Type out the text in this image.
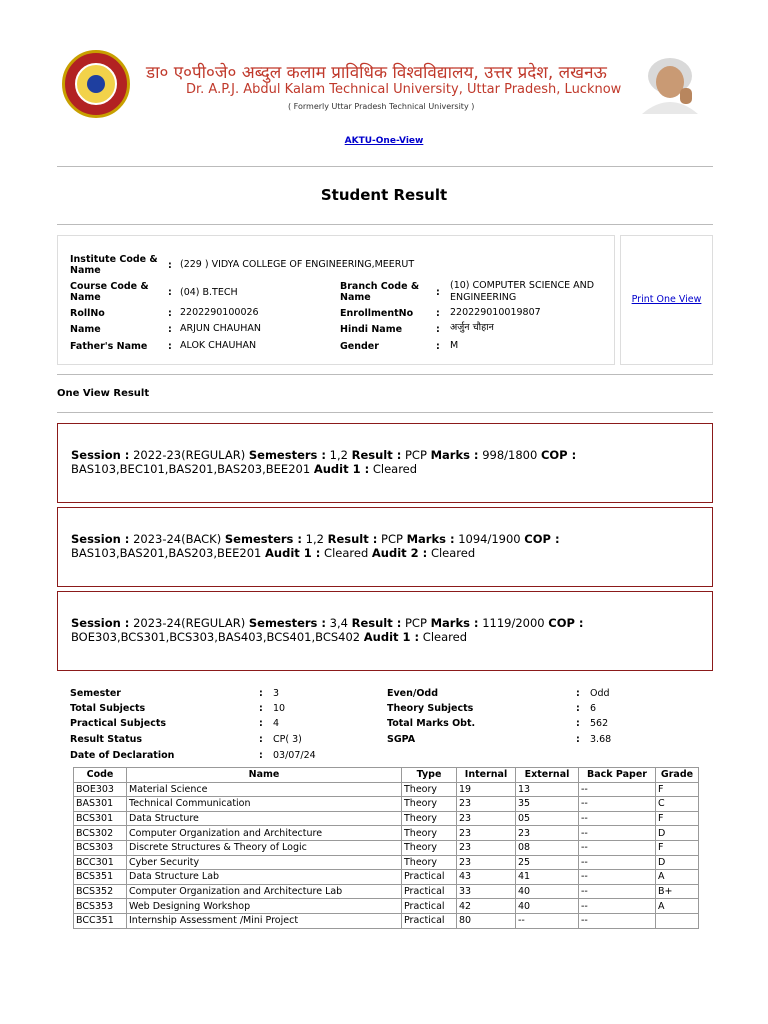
डा० ए०पी०जे० अब्दुल कलाम प्राविधिक विश्वविद्यालय, उत्तर प्रदेश, लखनऊ
Dr. A.P.J. Abdul Kalam Technical University, Uttar Pradesh, Lucknow
( Formerly Uttar Pradesh Technical University )
AKTU-One-View
Student Result
Institute Code & Name	: (229 ) VIDYA COLLEGE OF ENGINEERING,MEERUT
Course Code & Name	: (04) B.TECH
Branch Code & Name	:
(10) COMPUTER SCIENCE AND ENGINEERING
RollNo	: 2202290100026	EnrollmentNo : 220229010019807
Name	: ARJUN CHAUHAN	Hindi Name	: अर्जुन चौहान
Father's Name : ALOK CHAUHAN	Gender	: M
Print One View
One View Result
Session : 2022-23(REGULAR) Semesters : 1,2 Result : PCP Marks : 998/1800 COP : BAS103,BEC101,BAS201,BAS203,BEE201 Audit 1 : Cleared
Session : 2023-24(BACK) Semesters : 1,2 Result : PCP Marks : 1094/1900 COP : BAS103,BAS201,BAS203,BEE201 Audit 1 : Cleared Audit 2 : Cleared
Session : 2023-24(REGULAR) Semesters : 3,4 Result : PCP Marks : 1119/2000 COP : BOE303,BCS301,BCS303,BAS403,BCS401,BCS402 Audit 1 : Cleared
Semester	: 3	Even/Odd	: Odd
Total Subjects	: 10	Theory Subjects	: 6
Practical Subjects	: 4	Total Marks Obt.	: 562
Result Status	: CP( 3)	SGPA	: 3.68
Date of Declaration	: 03/07/24
Code	Name	Type	Internal	External	Back Paper	Grade
BOE303	Material Science	Theory	19	13	--	F
BAS301	Technical Communication	Theory	23	35	--	C
BCS301	Data Structure	Theory	23	05	--	F
BCS302	Computer Organization and Architecture	Theory	23	23	--	D
BCS303	Discrete Structures & Theory of Logic	Theory	23	08	--	F
BCC301	Cyber Security	Theory	23	25	--	D
BCS351	Data Structure Lab	Practical	43	41	--	A
BCS352	Computer Organization and Architecture Lab	Practical	33	40	--	B+
BCS353	Web Designing Workshop	Practical	42	40	--	A
BCC351	Internship Assessment /Mini Project	Practical	80	--	--	
